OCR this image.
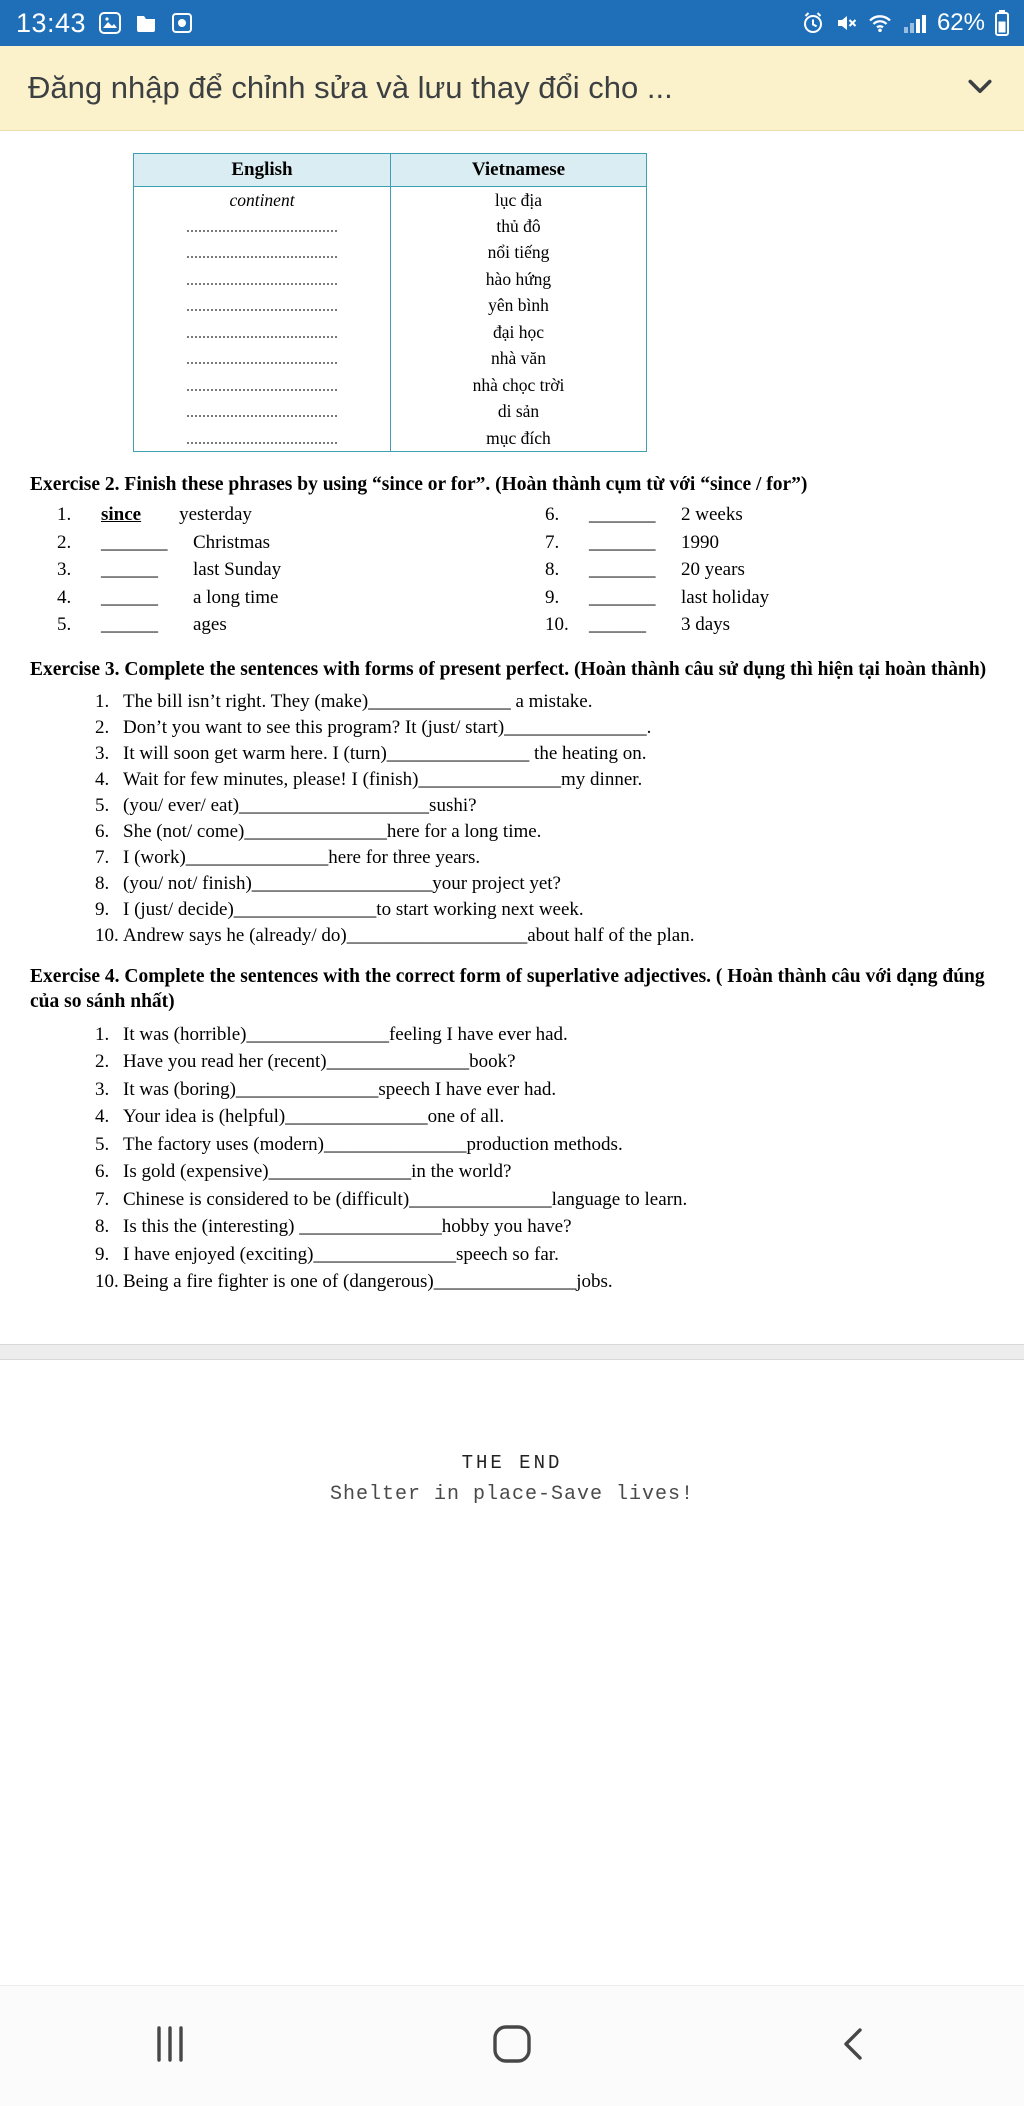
13:43	62%
Đăng nhập để chỉnh sửa và lưu thay đổi cho ...
English	Vietnamese
continent	lục địa
	thủ đô
	nổi tiếng
	hào hứng
	yên bình
	đại học
	nhà văn
	nhà chọc trời
	di sản
	mục đích
Exercise 2. Finish these phrases by using “since or for”. (Hoàn thành cụm từ với “since / for”)
1. since yesterday	6. _______ 2 weeks
2. _______ Christmas	7. _______ 1990
3. ______ last Sunday	8. _______ 20 years
4. ______ a long time	9. _______ last holiday
5. ______ ages	10. ______ 3 days
Exercise 3. Complete the sentences with forms of present perfect. (Hoàn thành câu sử dụng thì hiện tại hoàn thành)
1. The bill isn’t right. They (make)_______________ a mistake.
2. Don’t you want to see this program? It (just/ start)_______________.
3. It will soon get warm here. I (turn)_______________ the heating on.
4. Wait for few minutes, please! I (finish)_______________my dinner.
5. (you/ ever/ eat)____________________sushi?
6. She (not/ come)_______________here for a long time.
7. I (work)_______________here for three years.
8. (you/ not/ finish)___________________your project yet?
9. I (just/ decide)_______________to start working next week.
10. Andrew says he (already/ do)___________________about half of the plan.
Exercise 4. Complete the sentences with the correct form of superlative adjectives. ( Hoàn thành câu với dạng đúng của so sánh nhất)
1. It was (horrible)_______________feeling I have ever had.
2. Have you read her (recent)_______________book?
3. It was (boring)_______________speech I have ever had.
4. Your idea is (helpful)_______________one of all.
5. The factory uses (modern)_______________production methods.
6. Is gold (expensive)_______________in the world?
7. Chinese is considered to be (difficult)_______________language to learn.
8. Is this the (interesting) _______________hobby you have?
9. I have enjoyed (exciting)_______________speech so far.
10. Being a fire fighter is one of (dangerous)_______________jobs.
THE END
Shelter in place-Save lives!
